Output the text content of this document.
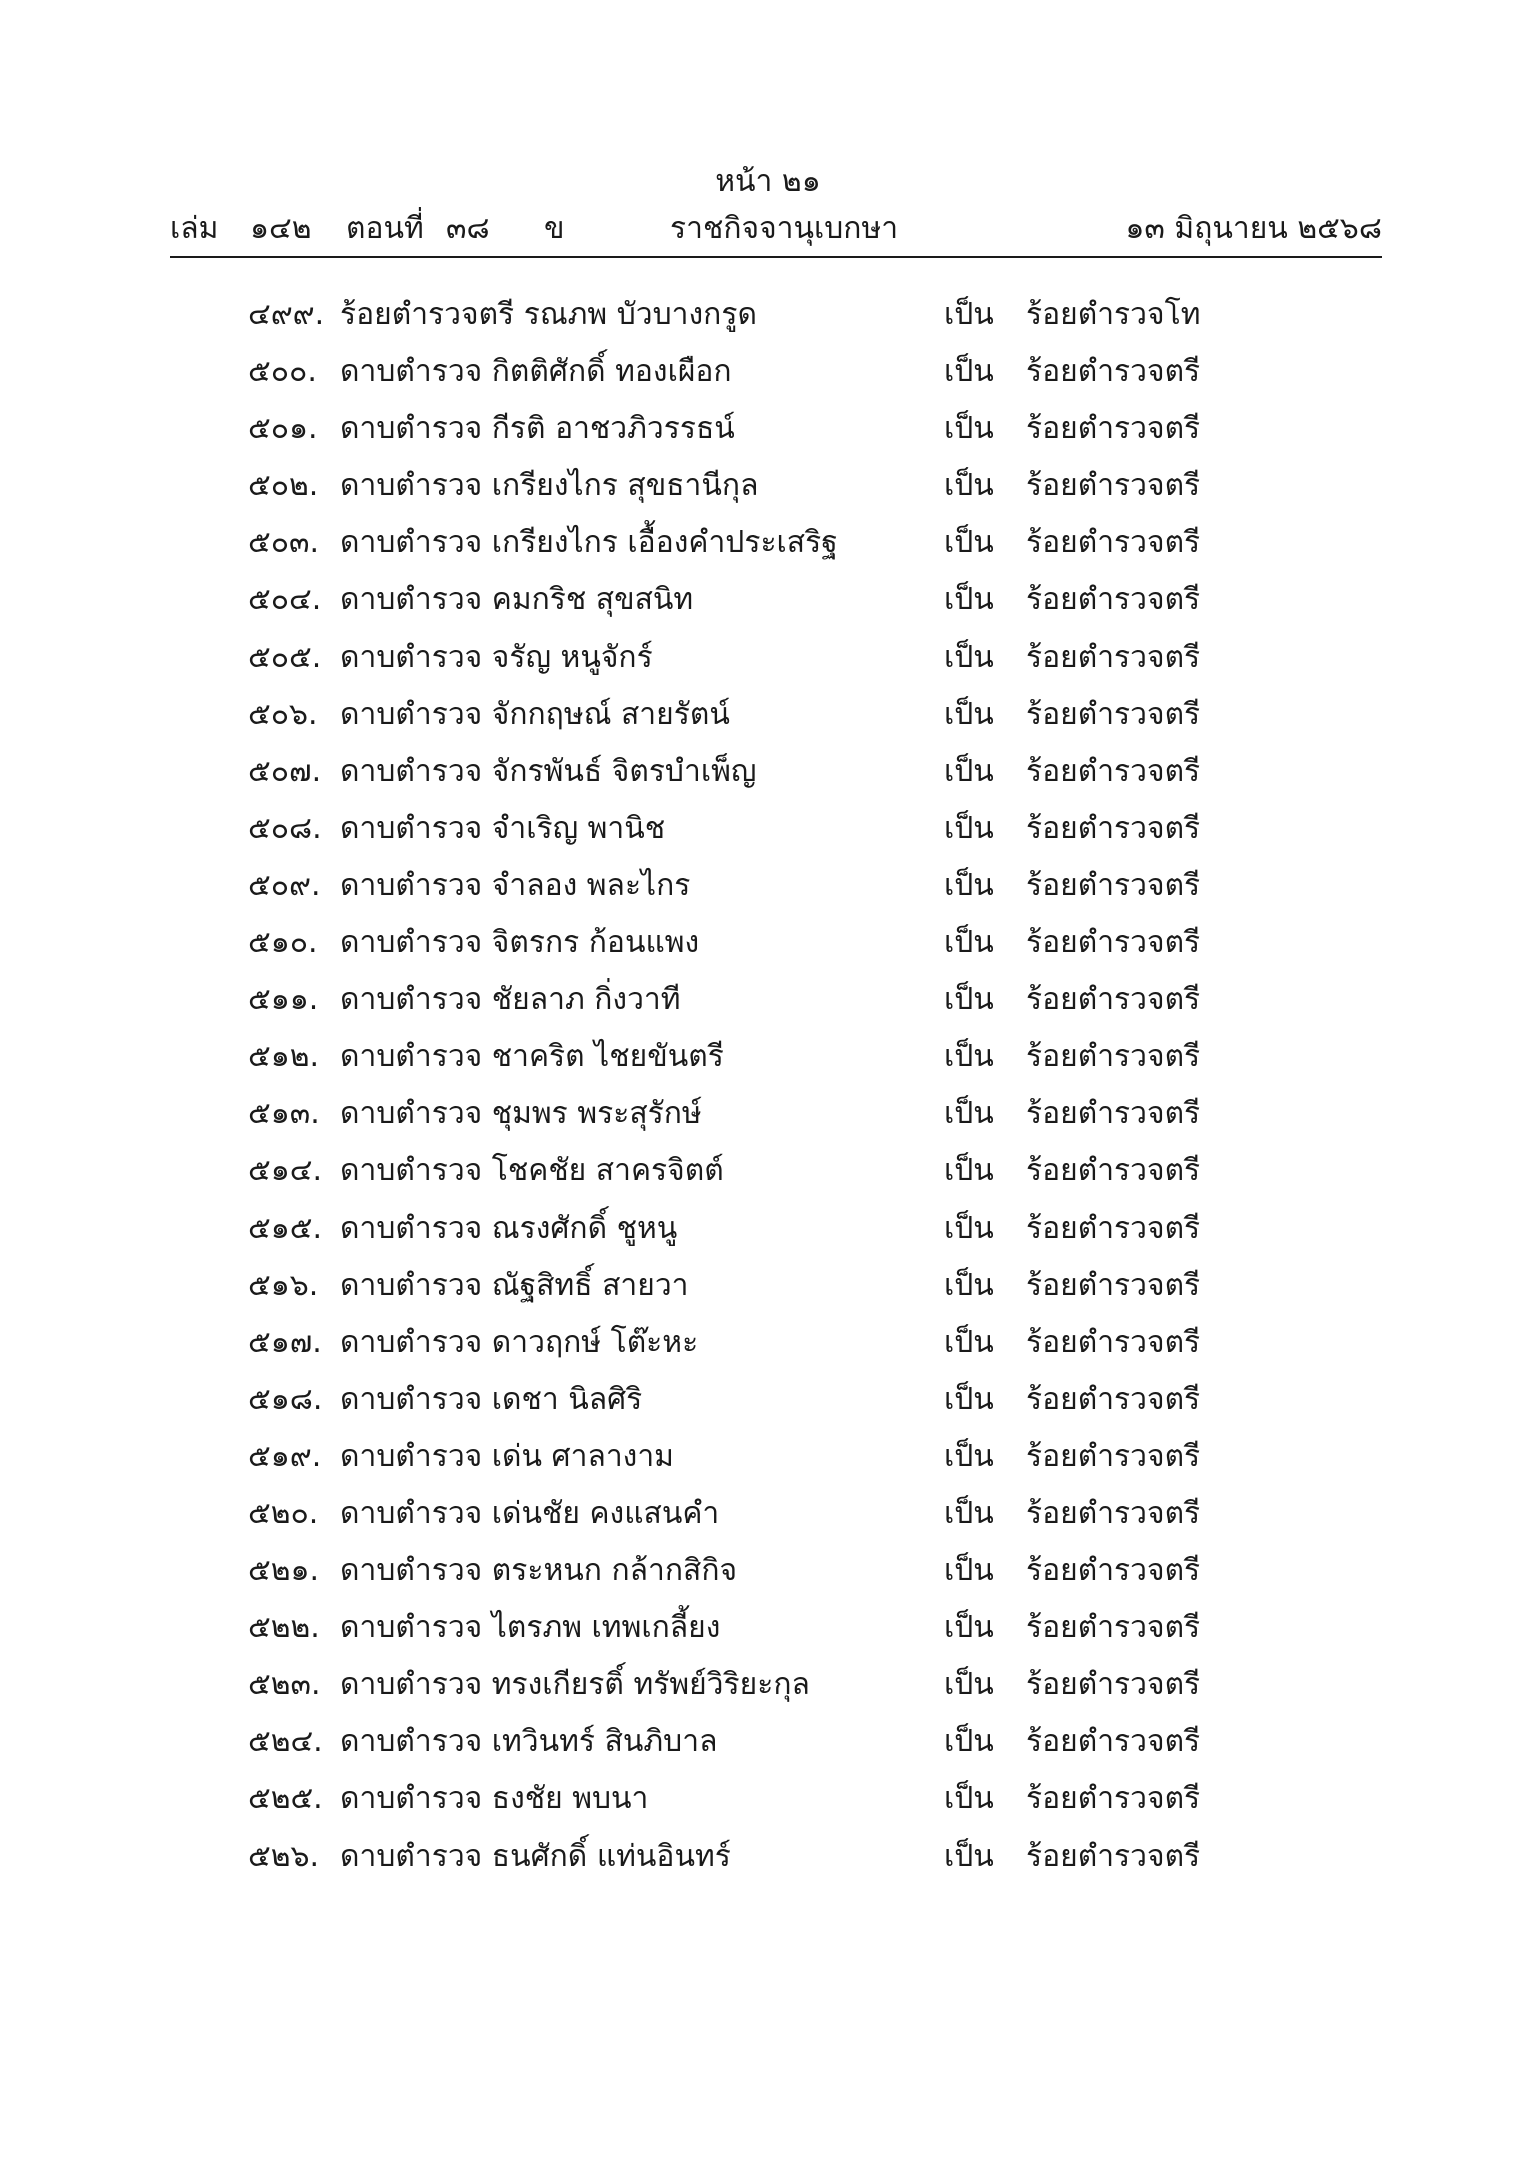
หน้า ๒๑
เล่ม ๑๔๒ ตอนที่ ๓๘ ข	ราชกิจจานุเบกษา	๑๓ มิถุนายน ๒๕๖๘
๔๙๙. ร้อยตำรวจตรี รณภพ บัวบางกรูด	เป็น ร้อยตำรวจโท
๕๐๐. ดาบตำรวจ กิตติศักดิ์ ทองเผือก	เป็น ร้อยตำรวจตรี
๕๐๑. ดาบตำรวจ กีรติ อาชวภิวรรธน์	เป็น ร้อยตำรวจตรี
๕๐๒. ดาบตำรวจ เกรียงไกร สุขธานีกุล	เป็น ร้อยตำรวจตรี
๕๐๓. ดาบตำรวจ เกรียงไกร เอื้องคำประเสริฐ	เป็น ร้อยตำรวจตรี
๕๐๔. ดาบตำรวจ คมกริช สุขสนิท	เป็น ร้อยตำรวจตรี
๕๐๕. ดาบตำรวจ จรัญ หนูจักร์	เป็น ร้อยตำรวจตรี
๕๐๖. ดาบตำรวจ จักกฤษณ์ สายรัตน์	เป็น ร้อยตำรวจตรี
๕๐๗. ดาบตำรวจ จักรพันธ์ จิตรบำเพ็ญ	เป็น ร้อยตำรวจตรี
๕๐๘. ดาบตำรวจ จำเริญ พานิช	เป็น ร้อยตำรวจตรี
๕๐๙. ดาบตำรวจ จำลอง พละไกร	เป็น ร้อยตำรวจตรี
๕๑๐. ดาบตำรวจ จิตรกร ก้อนแพง	เป็น ร้อยตำรวจตรี
๕๑๑. ดาบตำรวจ ชัยลาภ กิ่งวาที	เป็น ร้อยตำรวจตรี
๕๑๒. ดาบตำรวจ ชาคริต ไชยขันตรี	เป็น ร้อยตำรวจตรี
๕๑๓. ดาบตำรวจ ชุมพร พระสุรักษ์	เป็น ร้อยตำรวจตรี
๕๑๔. ดาบตำรวจ โชคชัย สาครจิตต์	เป็น ร้อยตำรวจตรี
๕๑๕. ดาบตำรวจ ณรงศักดิ์ ชูหนู	เป็น ร้อยตำรวจตรี
๕๑๖. ดาบตำรวจ ณัฐสิทธิ์ สายวา	เป็น ร้อยตำรวจตรี
๕๑๗. ดาบตำรวจ ดาวฤกษ์ โต๊ะหะ	เป็น ร้อยตำรวจตรี
๕๑๘. ดาบตำรวจ เดชา นิลศิริ	เป็น ร้อยตำรวจตรี
๕๑๙. ดาบตำรวจ เด่น ศาลางาม	เป็น ร้อยตำรวจตรี
๕๒๐. ดาบตำรวจ เด่นชัย คงแสนคำ	เป็น ร้อยตำรวจตรี
๕๒๑. ดาบตำรวจ ตระหนก กล้ากสิกิจ	เป็น ร้อยตำรวจตรี
๕๒๒. ดาบตำรวจ ไตรภพ เทพเกลี้ยง	เป็น ร้อยตำรวจตรี
๕๒๓. ดาบตำรวจ ทรงเกียรติ์ ทรัพย์วิริยะกุล	เป็น ร้อยตำรวจตรี
๕๒๔. ดาบตำรวจ เทวินทร์ สินภิบาล	เป็น ร้อยตำรวจตรี
๕๒๕. ดาบตำรวจ ธงชัย พบนา	เป็น ร้อยตำรวจตรี
๕๒๖. ดาบตำรวจ ธนศักดิ์ แท่นอินทร์	เป็น ร้อยตำรวจตรี
